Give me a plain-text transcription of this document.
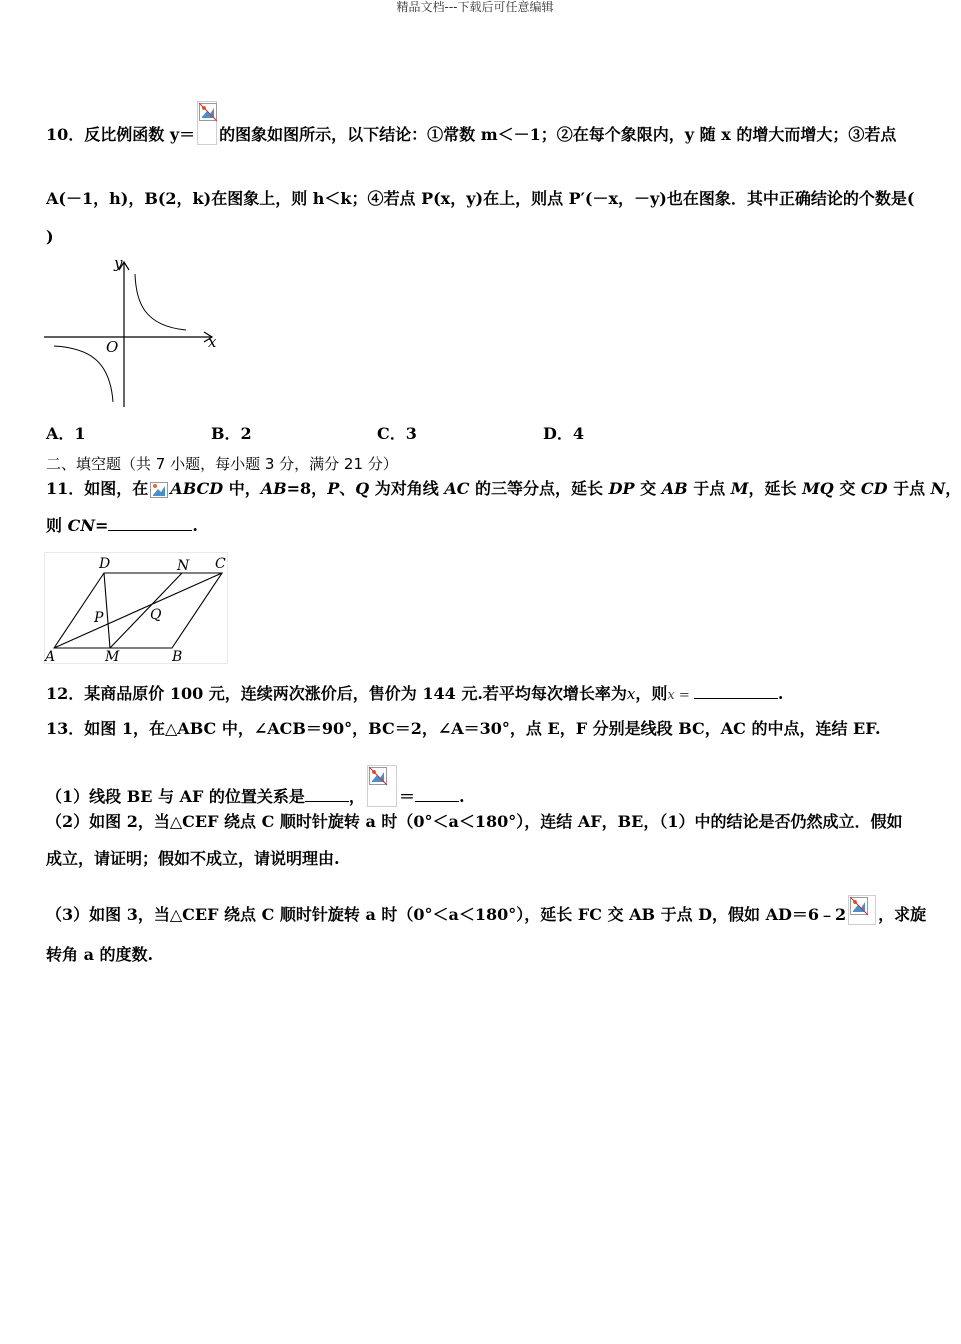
精品文档---下载后可任意编辑
10．反比例函数 y＝ 的图象如图所示，以下结论：①常数 m＜－1；②在每个象限内，y 随 x 的增大而增大；③若点
A(－1，h)，B(2，k)在图象上，则 h＜k；④若点 P(x，y)在上，则点 P′(－x，－y)也在图象．其中正确结论的个数是(
)
y
x
O
A．1	B．2	C．3	D．4
二、填空题（共 7 小题，每小题 3 分，满分 21 分）
11．如图，在 ABCD 中，AB=8，P、Q 为对角线 AC 的三等分点，延长 DP 交 AB 于点 M，延长 MQ 交 CD 于点 N，
则 CN=	.
D	N C
P	Q
A	M	B
12．某商品原价 100 元，连续两次涨价后，售价为 144 元.若平均每次增长率为x，则x =	.
13．如图 1，在△ABC 中，∠ACB＝90°，BC＝2，∠A＝30°，点 E，F 分别是线段 BC，AC 的中点，连结 EF.
（1）线段 BE 与 AF 的位置关系是	， ＝	.
（2）如图 2，当△CEF 绕点 C 顺时针旋转 a 时（0°＜a＜180°），连结 AF，BE，（1）中的结论是否仍然成立．假如
成立，请证明；假如不成立，请说明理由.
（3）如图 3，当△CEF 绕点 C 顺时针旋转 a 时（0°＜a＜180°），延长 FC 交 AB 于点 D，假如 AD＝6﹣2 ，求旋
转角 a 的度数.
